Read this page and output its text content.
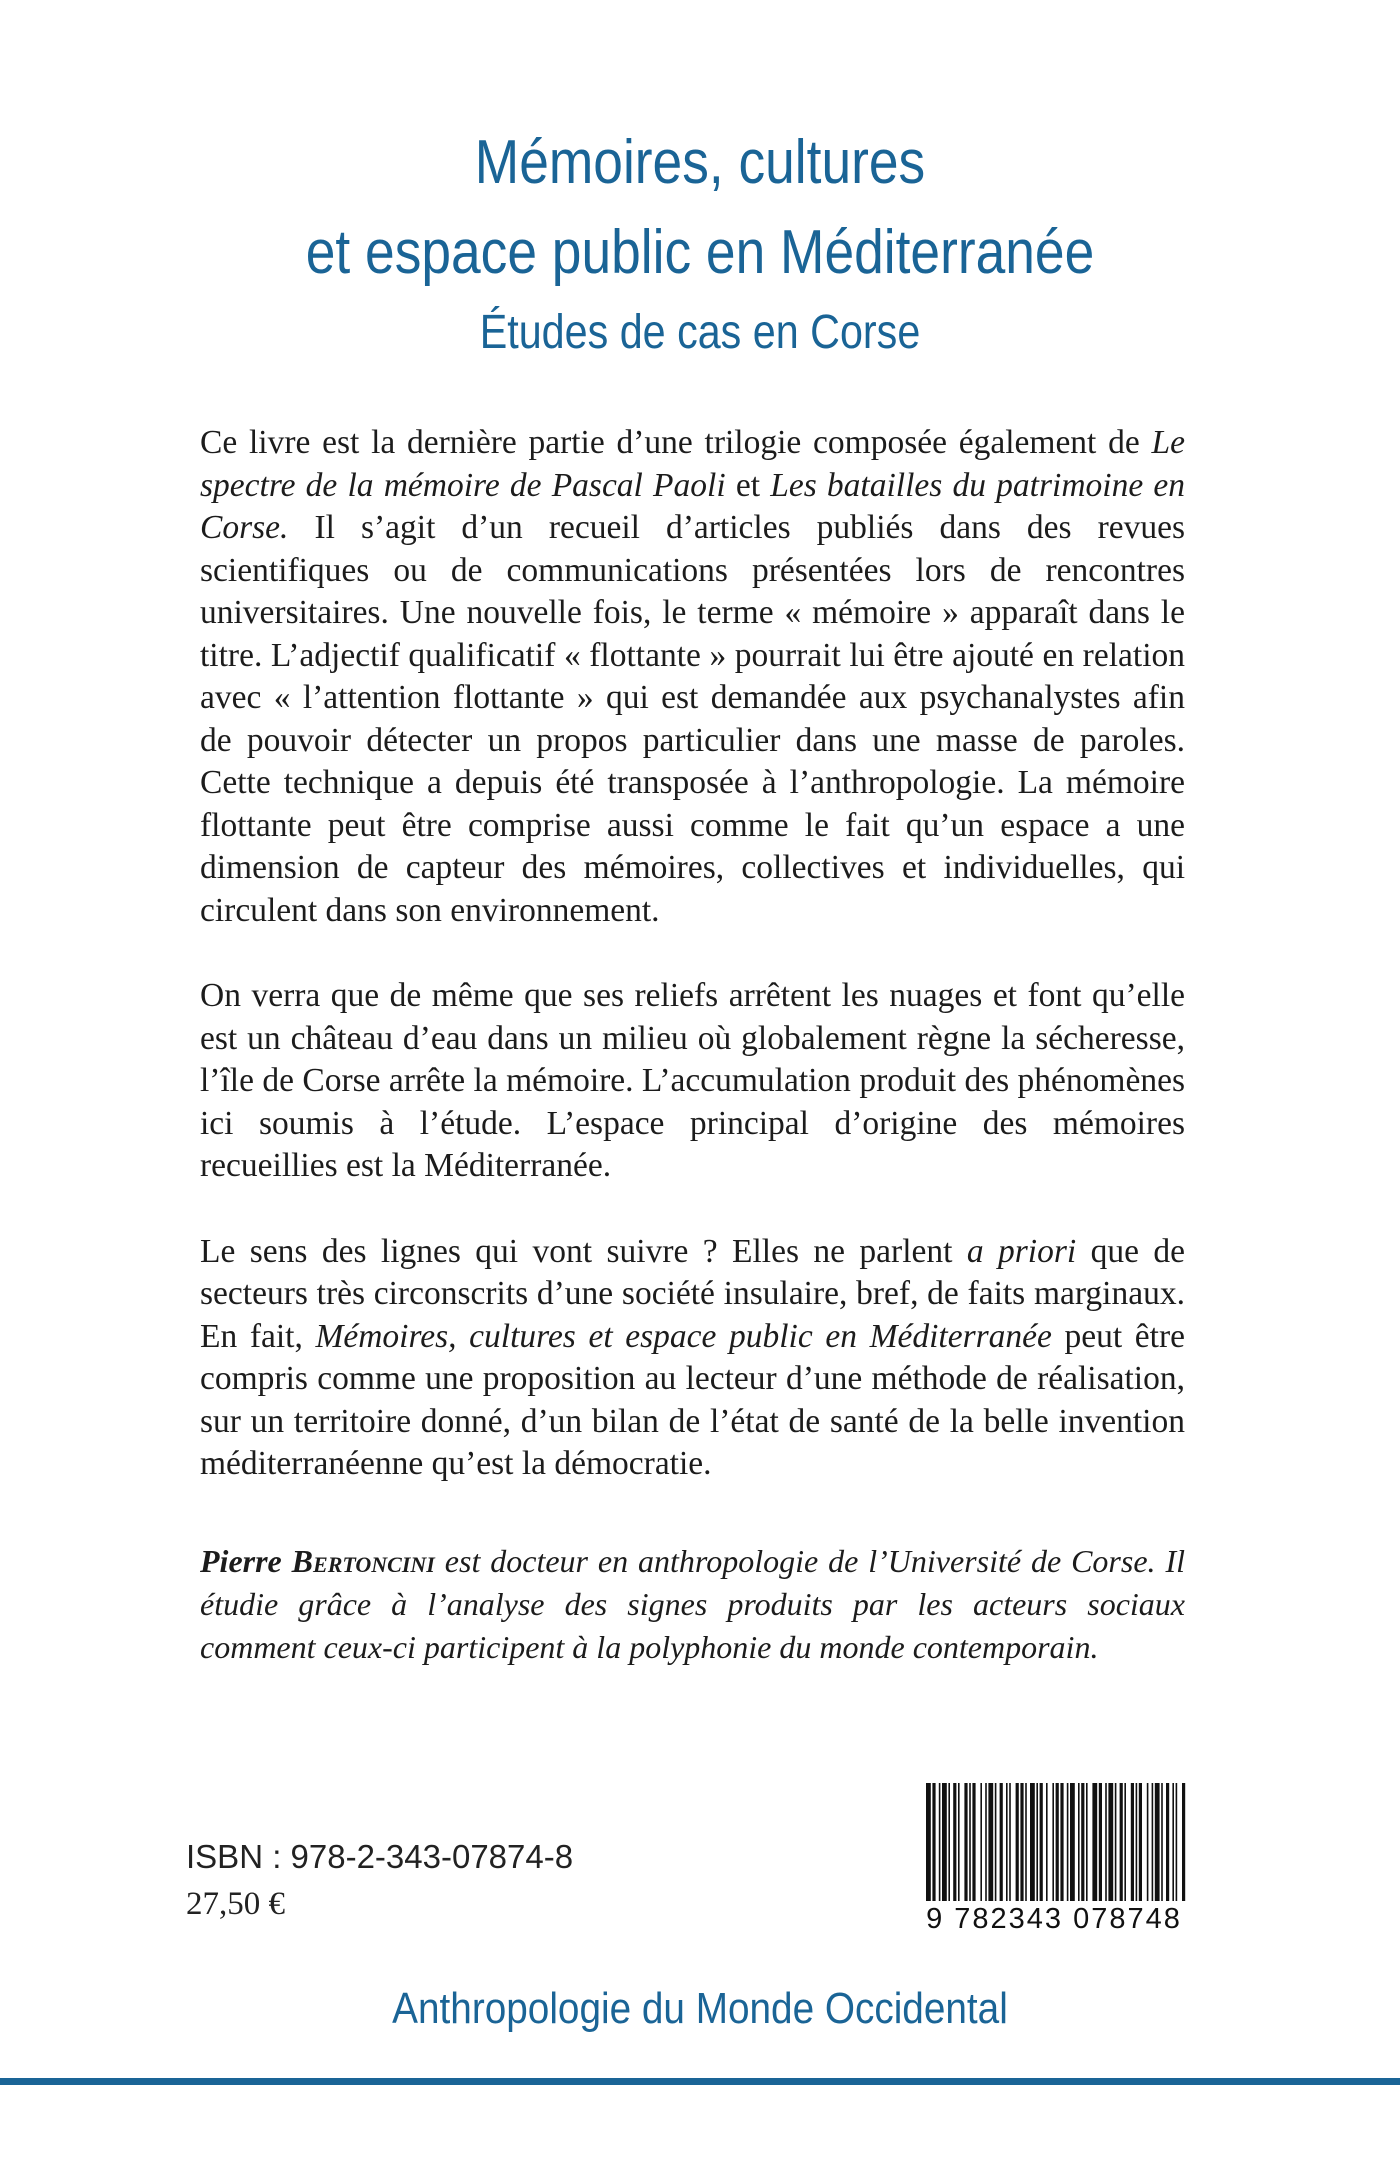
Mémoires, cultures
et espace public en Méditerranée
Études de cas en Corse

Ce livre est la dernière partie d’une trilogie composée également de Le spectre de la mémoire de Pascal Paoli et Les batailles du patrimoine en Corse. Il s’agit d’un recueil d’articles publiés dans des revues scientifiques ou de communications présentées lors de rencontres universitaires. Une nouvelle fois, le terme « mémoire » apparaît dans le titre. L’adjectif qualificatif « flottante » pourrait lui être ajouté en relation avec « l’attention flottante » qui est demandée aux psychanalystes afin de pouvoir détecter un propos particulier dans une masse de paroles. Cette technique a depuis été transposée à l’anthropologie. La mémoire flottante peut être comprise aussi comme le fait qu’un espace a une dimension de capteur des mémoires, collectives et individuelles, qui circulent dans son environnement.

On verra que de même que ses reliefs arrêtent les nuages et font qu’elle est un château d’eau dans un milieu où globalement règne la sécheresse, l’île de Corse arrête la mémoire. L’accumulation produit des phénomènes ici soumis à l’étude. L’espace principal d’origine des mémoires recueillies est la Méditerranée.

Le sens des lignes qui vont suivre ? Elles ne parlent a priori que de secteurs très circonscrits d’une société insulaire, bref, de faits marginaux. En fait, Mémoires, cultures et espace public en Méditerranée peut être compris comme une proposition au lecteur d’une méthode de réalisation, sur un territoire donné, d’un bilan de l’état de santé de la belle invention méditerranéenne qu’est la démocratie.

Pierre Bertoncini est docteur en anthropologie de l’Université de Corse. Il étudie grâce à l’analyse des signes produits par les acteurs sociaux comment ceux-ci participent à la polyphonie du monde contemporain.
ISBN : 978-2-343-07874-8
27,50 €	9 782343 078748
Anthropologie du Monde Occidental
